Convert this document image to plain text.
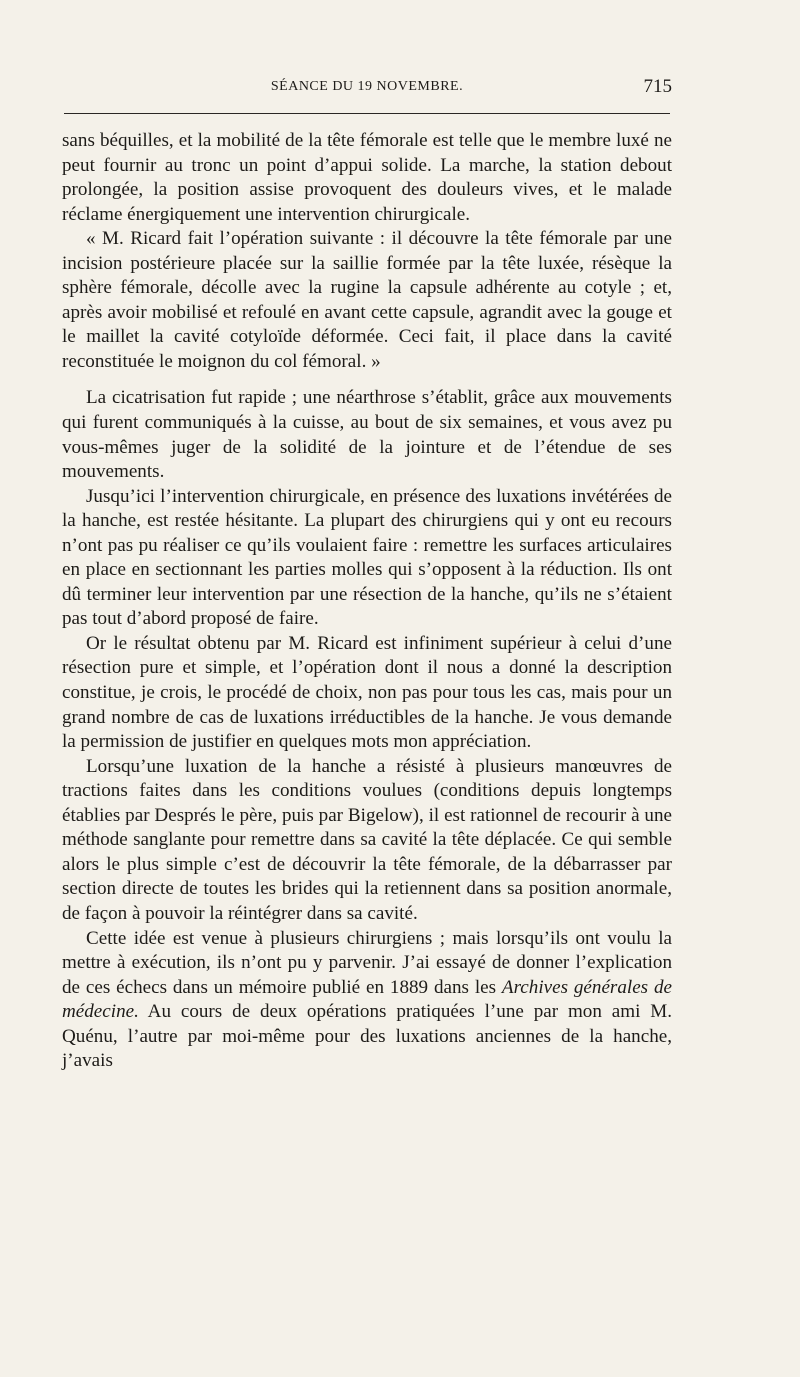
SÉANCE DU 19 NOVEMBRE.	715

sans béquilles, et la mobilité de la tête fémorale est telle que le membre luxé ne peut fournir au tronc un point d’appui solide. La marche, la station debout prolongée, la position assise provoquent des douleurs vives, et le malade réclame énergiquement une intervention chirurgicale.

« M. Ricard fait l’opération suivante : il découvre la tête fémorale par une incision postérieure placée sur la saillie formée par la tête luxée, résèque la sphère fémorale, décolle avec la rugine la capsule adhérente au cotyle ; et, après avoir mobilisé et refoulé en avant cette capsule, agrandit avec la gouge et le maillet la cavité cotyloïde déformée. Ceci fait, il place dans la cavité reconstituée le moignon du col fémoral. »

La cicatrisation fut rapide ; une néarthrose s’établit, grâce aux mouvements qui furent communiqués à la cuisse, au bout de six semaines, et vous avez pu vous-mêmes juger de la solidité de la jointure et de l’étendue de ses mouvements.

Jusqu’ici l’intervention chirurgicale, en présence des luxations invétérées de la hanche, est restée hésitante. La plupart des chirurgiens qui y ont eu recours n’ont pas pu réaliser ce qu’ils voulaient faire : remettre les surfaces articulaires en place en sectionnant les parties molles qui s’opposent à la réduction. Ils ont dû terminer leur intervention par une résection de la hanche, qu’ils ne s’étaient pas tout d’abord proposé de faire.

Or le résultat obtenu par M. Ricard est infiniment supérieur à celui d’une résection pure et simple, et l’opération dont il nous a donné la description constitue, je crois, le procédé de choix, non pas pour tous les cas, mais pour un grand nombre de cas de luxations irréductibles de la hanche. Je vous demande la permission de justifier en quelques mots mon appréciation.

Lorsqu’une luxation de la hanche a résisté à plusieurs manœuvres de tractions faites dans les conditions voulues (conditions depuis longtemps établies par Després le père, puis par Bigelow), il est rationnel de recourir à une méthode sanglante pour remettre dans sa cavité la tête déplacée. Ce qui semble alors le plus simple c’est de découvrir la tête fémorale, de la débarrasser par section directe de toutes les brides qui la retiennent dans sa position anormale, de façon à pouvoir la réintégrer dans sa cavité.

Cette idée est venue à plusieurs chirurgiens ; mais lorsqu’ils ont voulu la mettre à exécution, ils n’ont pu y parvenir. J’ai essayé de donner l’explication de ces échecs dans un mémoire publié en 1889 dans les Archives générales de médecine. Au cours de deux opérations pratiquées l’une par mon ami M. Quénu, l’autre par moi-même pour des luxations anciennes de la hanche, j’avais
